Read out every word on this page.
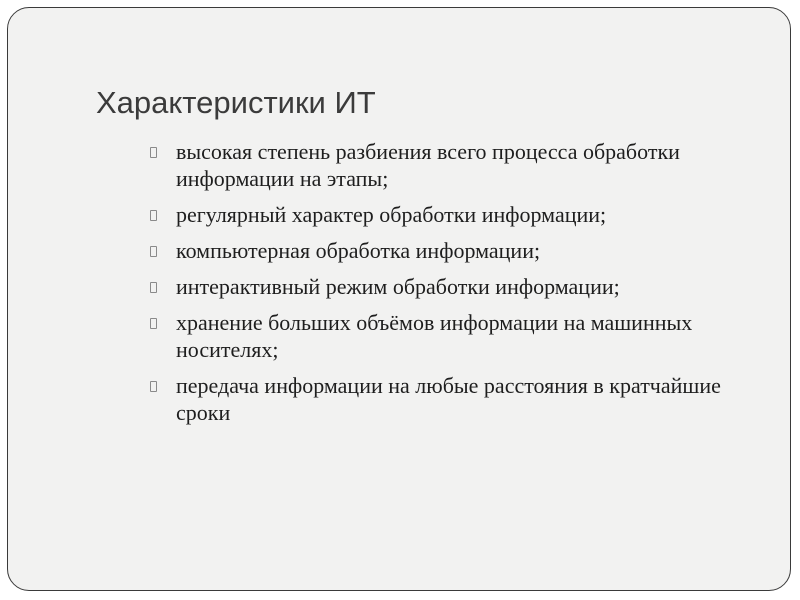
Характеристики ИТ
высокая степень разбиения всего процесса обработки информации на этапы;
регулярный характер обработки информации;
компьютерная обработка информации;
интерактивный режим обработки информации;
хранение больших объёмов информации на машинных носителях;
передача информации на любые расстояния в кратчайшие сроки
